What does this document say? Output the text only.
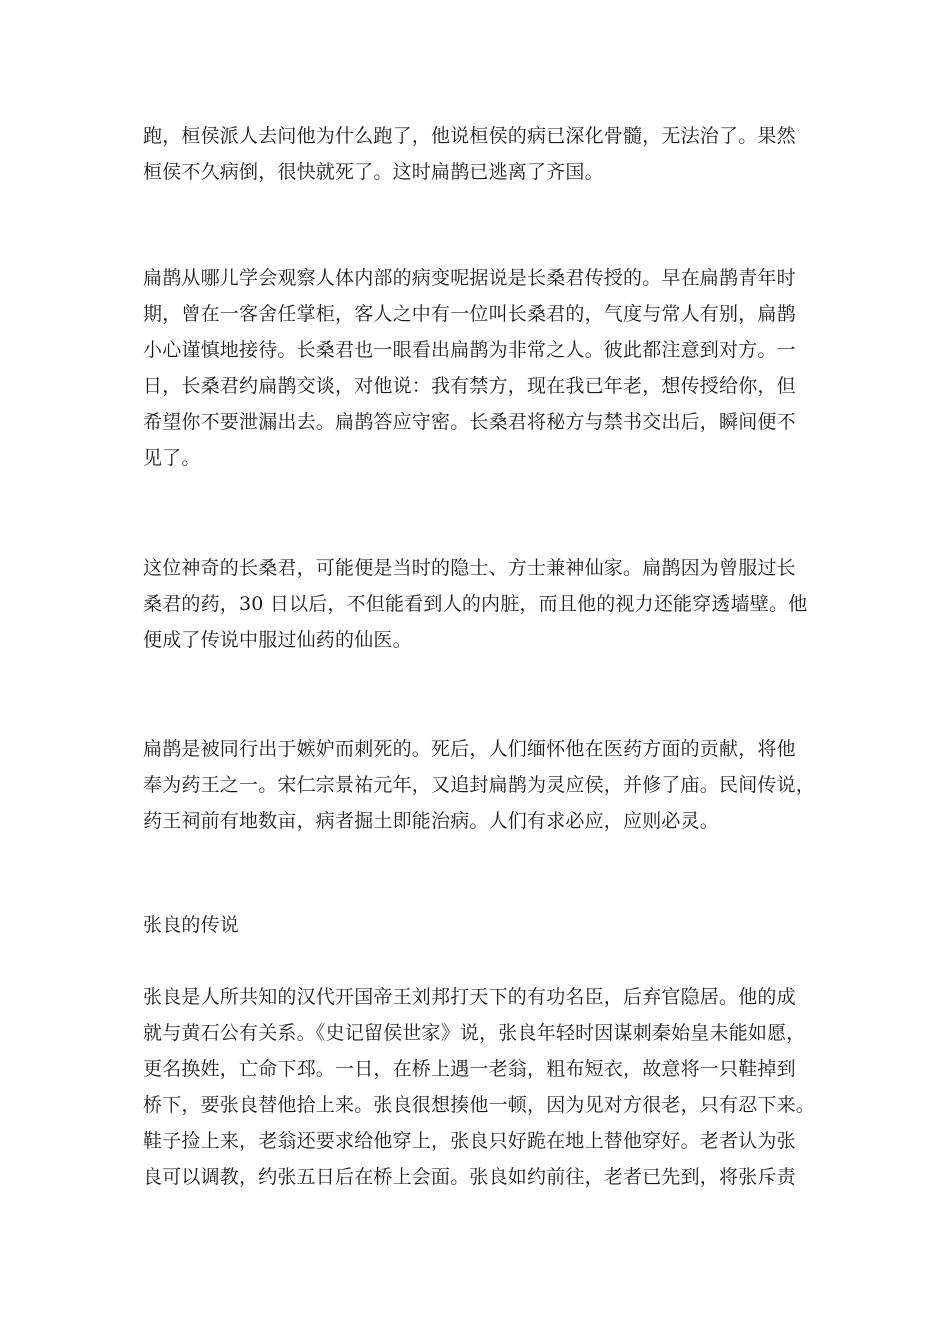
跑，桓侯派人去问他为什么跑了，他说桓侯的病已深化骨髓，无法治了。果然
桓侯不久病倒，很快就死了。这时扁鹊已逃离了齐国。
扁鹊从哪儿学会观察人体内部的病变呢据说是长桑君传授的。早在扁鹊青年时
期，曾在一客舍任掌柜，客人之中有一位叫长桑君的，气度与常人有别，扁鹊
小心谨慎地接待。长桑君也一眼看出扁鹊为非常之人。彼此都注意到对方。一
日，长桑君约扁鹊交谈，对他说：我有禁方，现在我已年老，想传授给你，但
希望你不要泄漏出去。扁鹊答应守密。长桑君将秘方与禁书交出后，瞬间便不
见了。
这位神奇的长桑君，可能便是当时的隐士、方士兼神仙家。扁鹊因为曾服过长
桑君的药，30 日以后，不但能看到人的内脏，而且他的视力还能穿透墙壁。他
便成了传说中服过仙药的仙医。
扁鹊是被同行出于嫉妒而刺死的。死后，人们缅怀他在医药方面的贡献，将他
奉为药王之一。宋仁宗景祐元年，又追封扁鹊为灵应侯，并修了庙。民间传说，
药王祠前有地数亩，病者掘土即能治病。人们有求必应，应则必灵。
张良的传说
张良是人所共知的汉代开国帝王刘邦打天下的有功名臣，后弃官隐居。他的成
就与黄石公有关系。《史记留侯世家》说，张良年轻时因谋刺秦始皇未能如愿，
更名换姓，亡命下邳。一日，在桥上遇一老翁，粗布短衣，故意将一只鞋掉到
桥下，要张良替他拾上来。张良很想揍他一顿，因为见对方很老，只有忍下来。
鞋子捡上来，老翁还要求给他穿上，张良只好跪在地上替他穿好。老者认为张
良可以调教，约张五日后在桥上会面。张良如约前往，老者已先到，将张斥责
